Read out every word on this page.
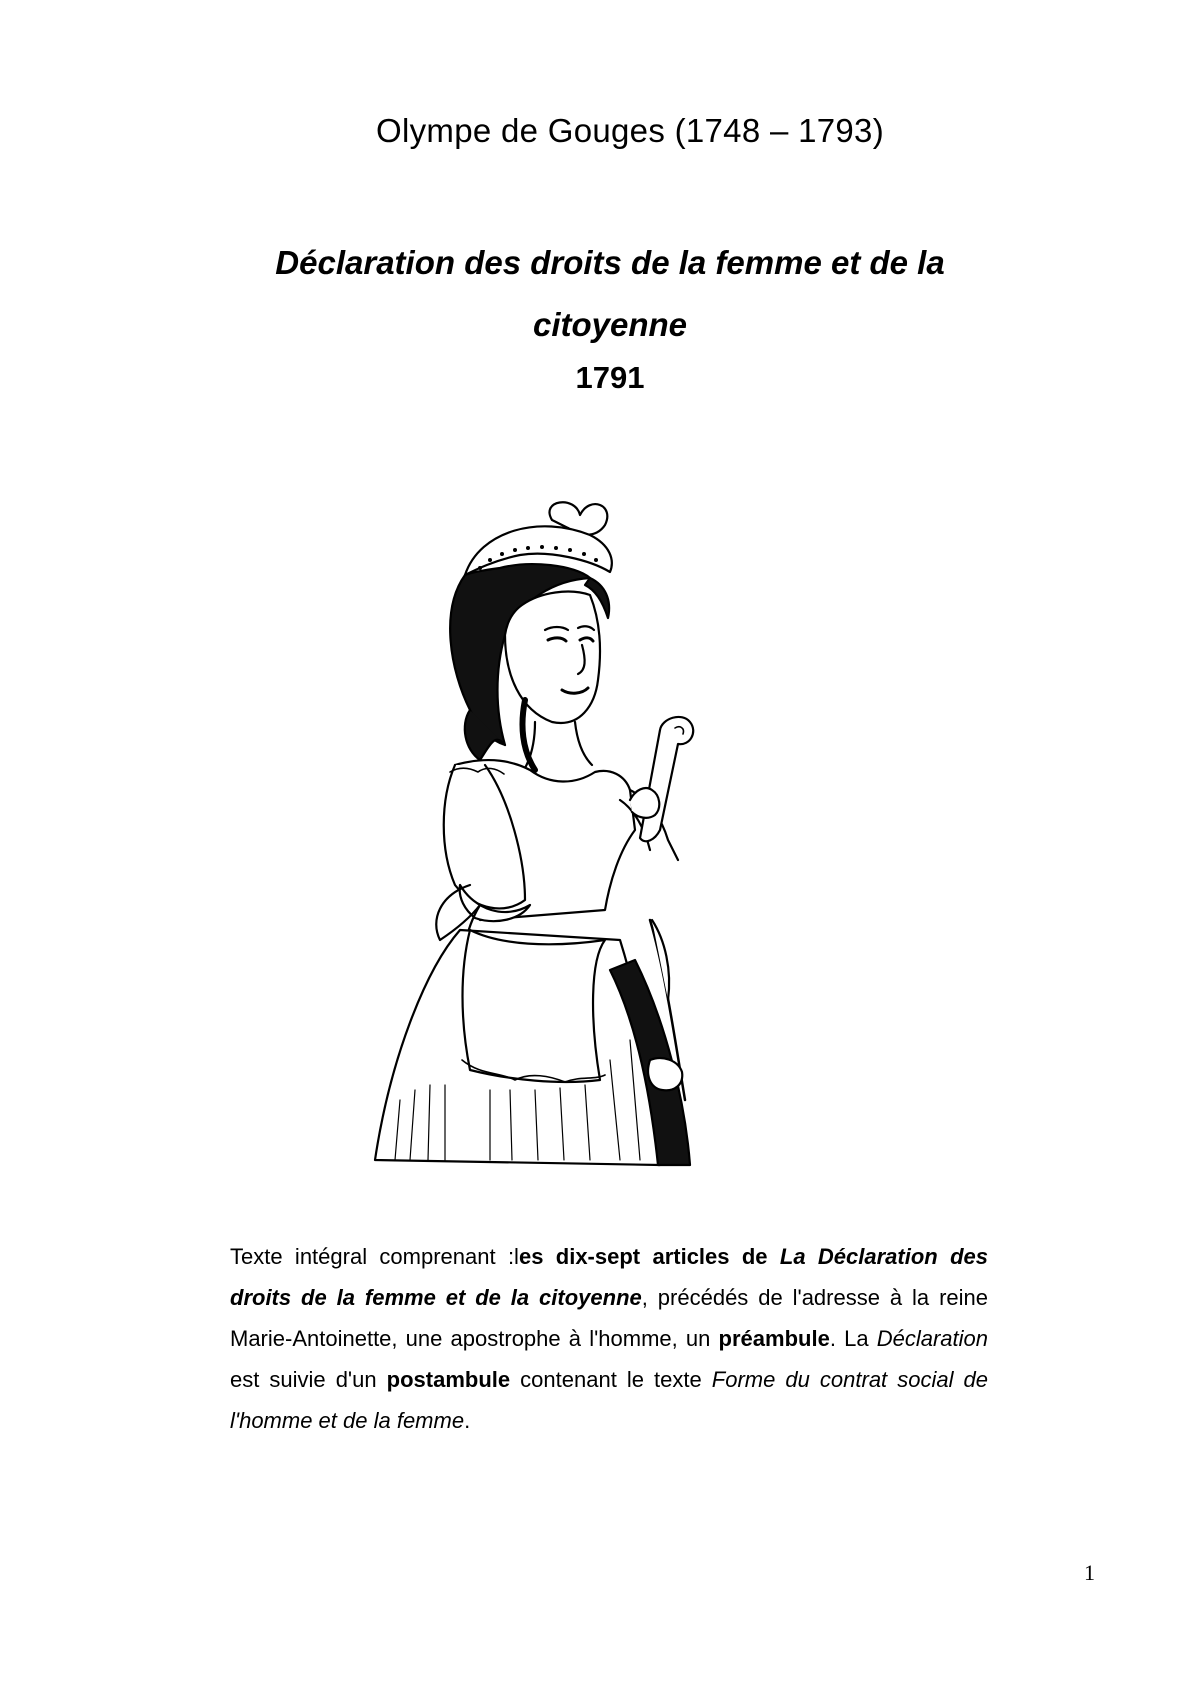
Olympe de Gouges (1748 – 1793)
Déclaration des droits de la femme et de la citoyenne
1791

Texte intégral comprenant :les dix-sept articles de La Déclaration des droits de la femme et de la citoyenne, précédés de l'adresse à la reine Marie-Antoinette, une apostrophe à l'homme, un préambule. La Déclaration est suivie d'un postambule contenant le texte Forme du contrat social de l'homme et de la femme.

1
